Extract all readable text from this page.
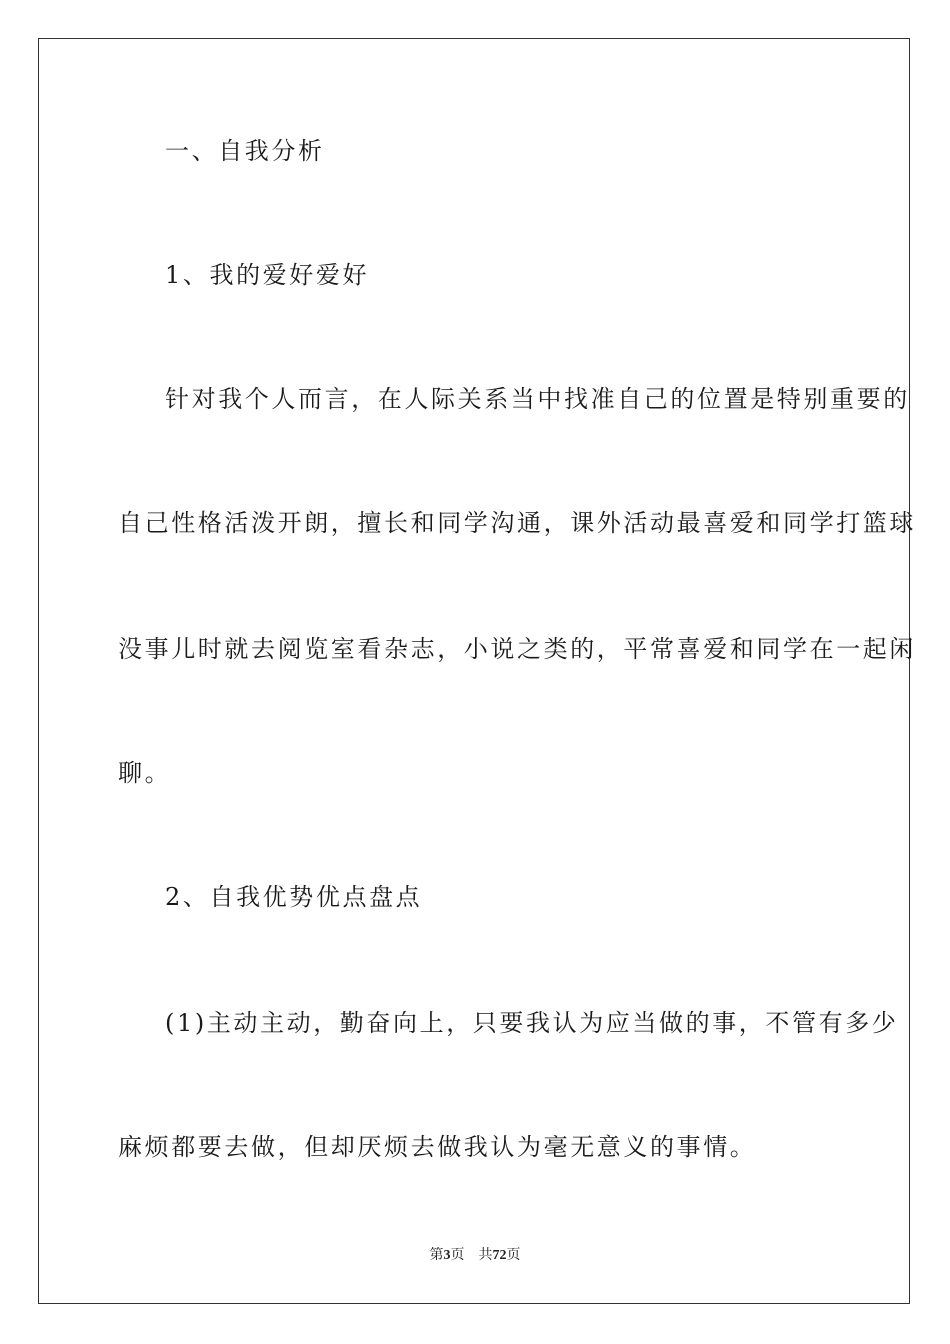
一、自我分析
1、我的爱好爱好
针对我个人而言，在人际关系当中找准自己的位置是特别重要的
自己性格活泼开朗，擅长和同学沟通，课外活动最喜爱和同学打篮球
没事儿时就去阅览室看杂志，小说之类的，平常喜爱和同学在一起闲
聊。
2、自我优势优点盘点
(1)主动主动，勤奋向上，只要我认为应当做的事，不管有多少
麻烦都要去做，但却厌烦去做我认为毫无意义的事情。
第3页 共72页
